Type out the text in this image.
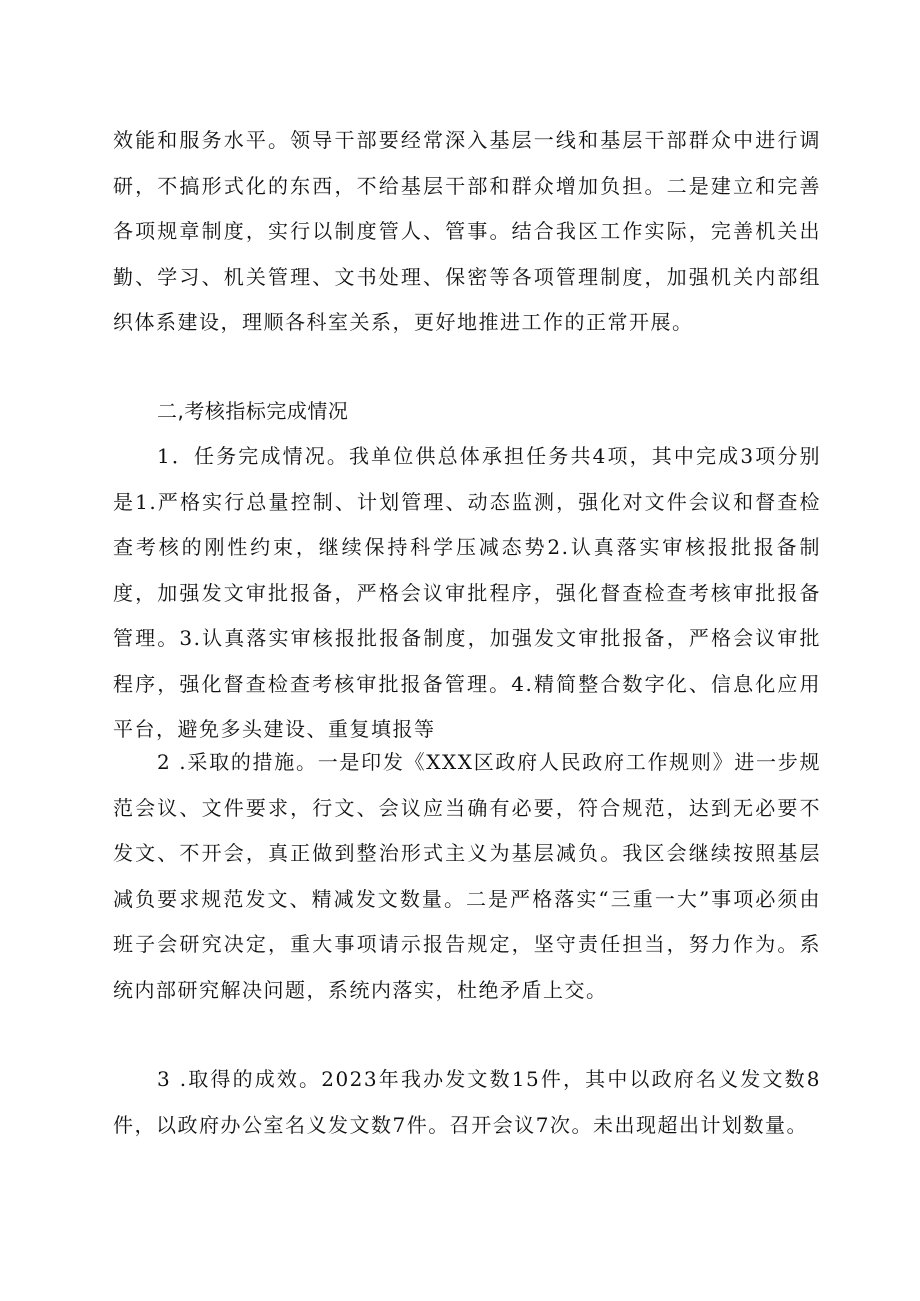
效能和服务水平。领导干部要经常深入基层一线和基层干部群众中进行调研，不搞形式化的东西，不给基层干部和群众增加负担。二是建立和完善各项规章制度，实行以制度管人、管事。结合我区工作实际，完善机关出勤、学习、机关管理、文书处理、保密等各项管理制度，加强机关内部组织体系建设，理顺各科室关系，更好地推进工作的正常开展。

二,考核指标完成情况

1．任务完成情况。我单位供总体承担任务共4项，其中完成3项分别是1.严格实行总量控制、计划管理、动态监测，强化对文件会议和督查检查考核的刚性约束，继续保持科学压减态势2.认真落实审核报批报备制度，加强发文审批报备，严格会议审批程序，强化督查检查考核审批报备管理。3.认真落实审核报批报备制度，加强发文审批报备，严格会议审批程序，强化督查检查考核审批报备管理。4.精简整合数字化、信息化应用平台，避免多头建设、重复填报等

2 .采取的措施。一是印发《XXX区政府人民政府工作规则》进一步规范会议、文件要求，行文、会议应当确有必要，符合规范，达到无必要不发文、不开会，真正做到整治形式主义为基层减负。我区会继续按照基层减负要求规范发文、精减发文数量。二是严格落实“三重一大”事项必须由班子会研究决定，重大事项请示报告规定，坚守责任担当，努力作为。系统内部研究解决问题，系统内落实，杜绝矛盾上交。

3 .取得的成效。2023年我办发文数15件，其中以政府名义发文数8件，以政府办公室名义发文数7件。召开会议7次。未出现超出计划数量。
